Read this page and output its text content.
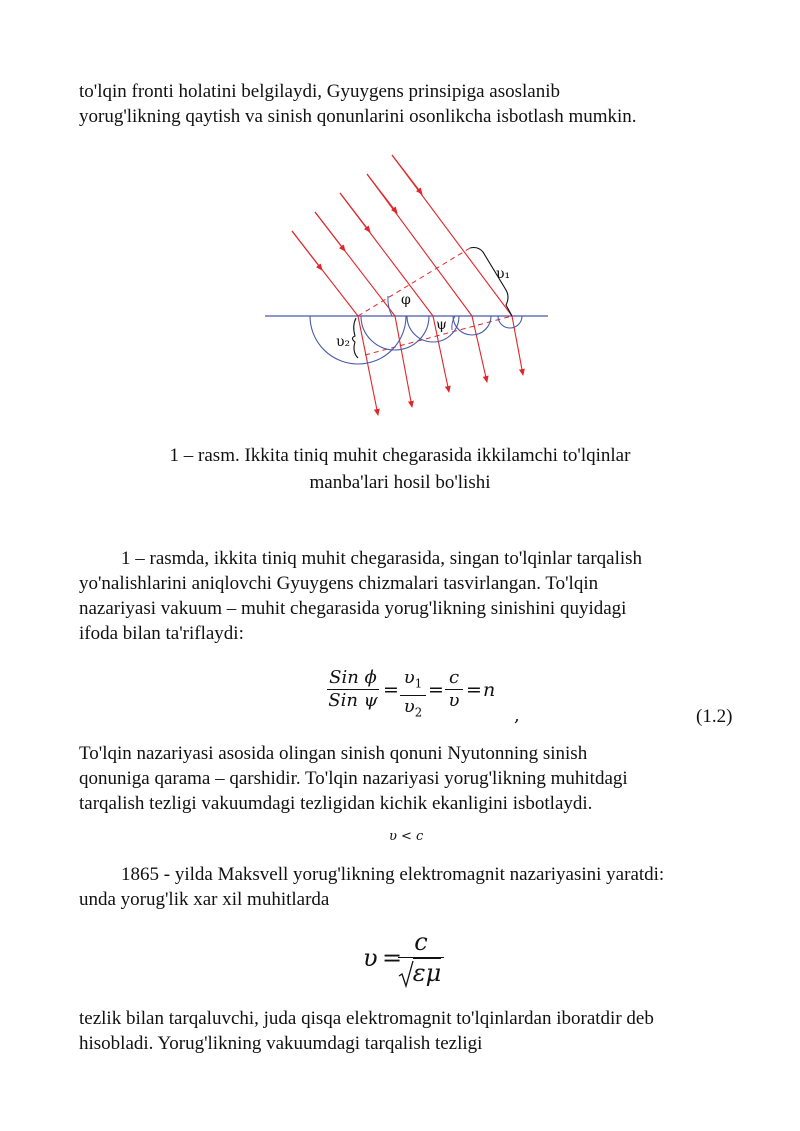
to'lqin fronti holatini belgilaydi, Gyuygens prinsipiga asoslanib
yorug'likning qaytish va sinish qonunlarini osonlikcha isbotlash mumkin.
φ
ψ
υ₁
υ₂
1 – rasm. Ikkita tiniq muhit chegarasida ikkilamchi to'lqinlar
manba'lari hosil bo'lishi
1 – rasmda, ikkita tiniq muhit chegarasida, singan to'lqinlar tarqalish
yo'nalishlarini aniqlovchi Gyuygens chizmalari tasvirlangan. To'lqin
nazariyasi vakuum – muhit chegarasida yorug'likning sinishini quyidagi
ifoda bilan ta'riflaydi:
Sin ϕ
Sin ψ =
$\upsilon_1$
$\upsilon_2$
=
c
υ = n
,	(1.2)
To'lqin nazariyasi asosida olingan sinish qonuni Nyutonning sinish
qonuniga qarama – qarshidir. To'lqin nazariyasi yorug'likning muhitdagi
tarqalish tezligi vakuumdagi tezligidan kichik ekanligini isbotlaydi.
υ < c
1865 - yilda Maksvell yorug'likning elektromagnit nazariyasini yaratdi:
unda yorug'lik xar xil muhitlarda
υ =
c
εμ
tezlik bilan tarqaluvchi, juda qisqa elektromagnit to'lqinlardan iboratdir deb
hisobladi. Yorug'likning vakuumdagi tarqalish tezligi
